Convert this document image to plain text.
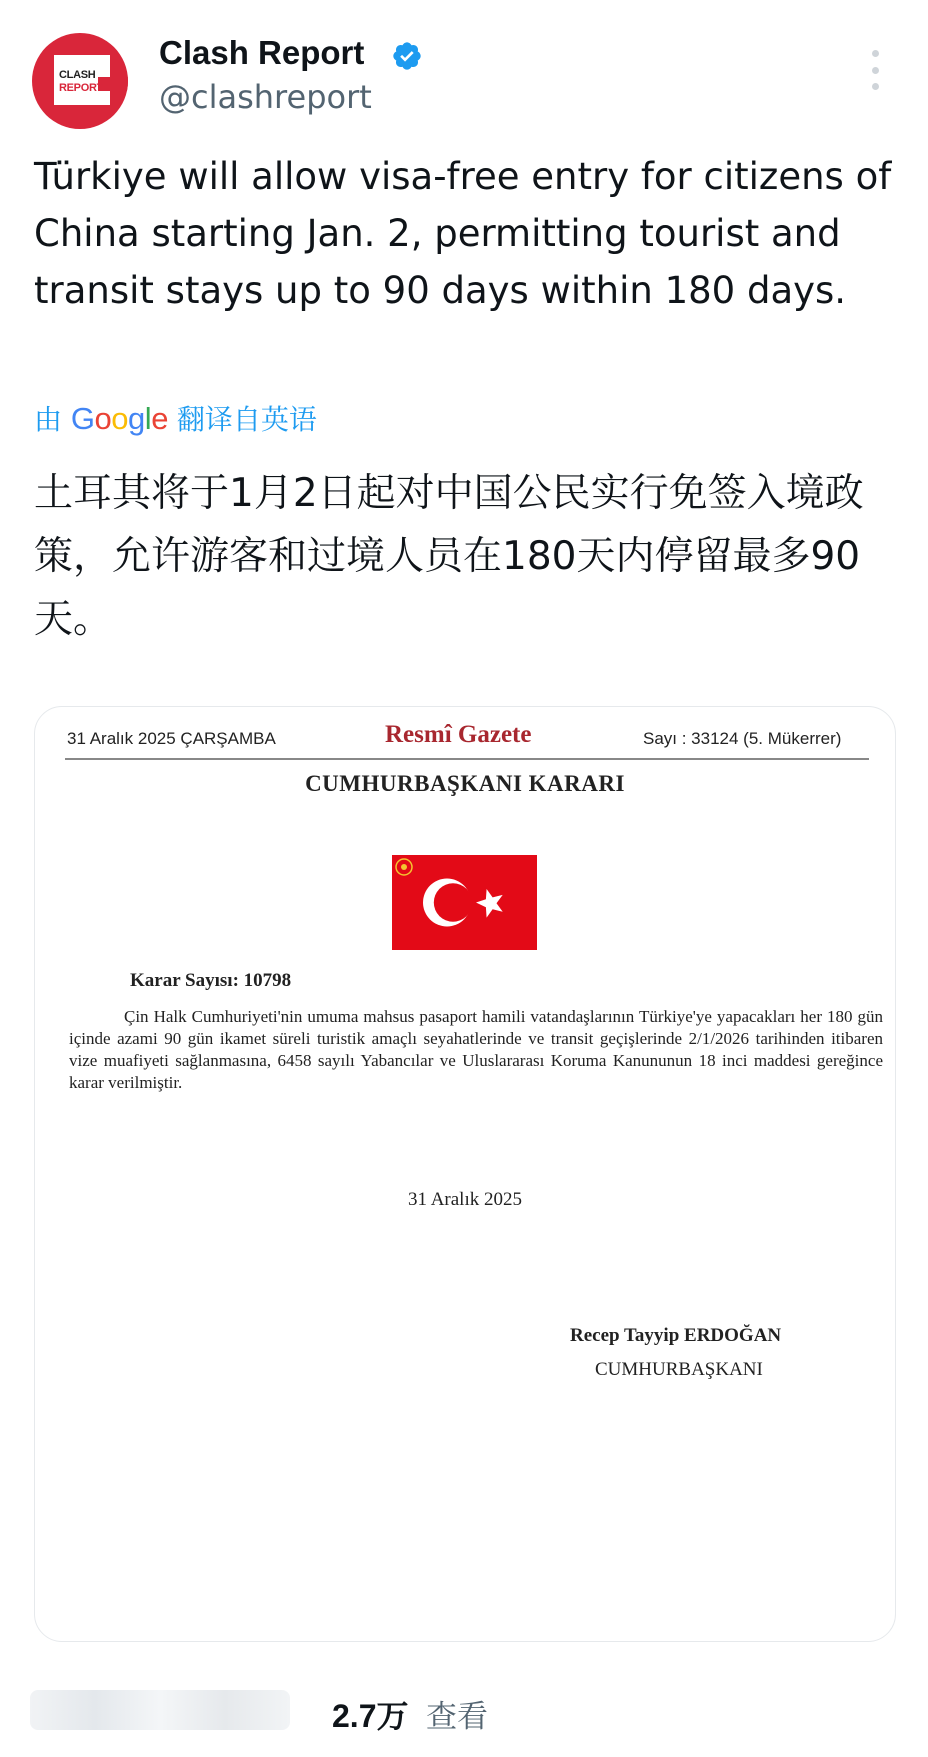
CLASH
REPORT
Clash Report
@clashreport

Türkiye will allow visa-free entry for citizens of China starting Jan. 2, permitting tourist and transit stays up to 90 days within 180 days.

由 Google 翻译自英语

土耳其将于1月2日起对中国公民实行免签入境政策，允许游客和过境人员在180天内停留最多90天。

31 Aralık 2025 ÇARŞAMBA	Resmî Gazete	Sayı : 33124 (5. Mükerrer)
CUMHURBAŞKANI KARARI
Karar Sayısı: 10798

Çin Halk Cumhuriyeti'nin umuma mahsus pasaport hamili vatandaşlarının Türkiye'ye yapacakları her 180 gün içinde azami 90 gün ikamet süreli turistik amaçlı seyahatlerinde ve transit geçişlerinde 2/1/2026 tarihinden itibaren vize muafiyeti sağlanmasına, 6458 sayılı Yabancılar ve Uluslararası Koruma Kanununun 18 inci maddesi gereğince karar verilmiştir.

31 Aralık 2025
Recep Tayyip ERDOĞAN
CUMHURBAŞKANI
2.7万 查看
